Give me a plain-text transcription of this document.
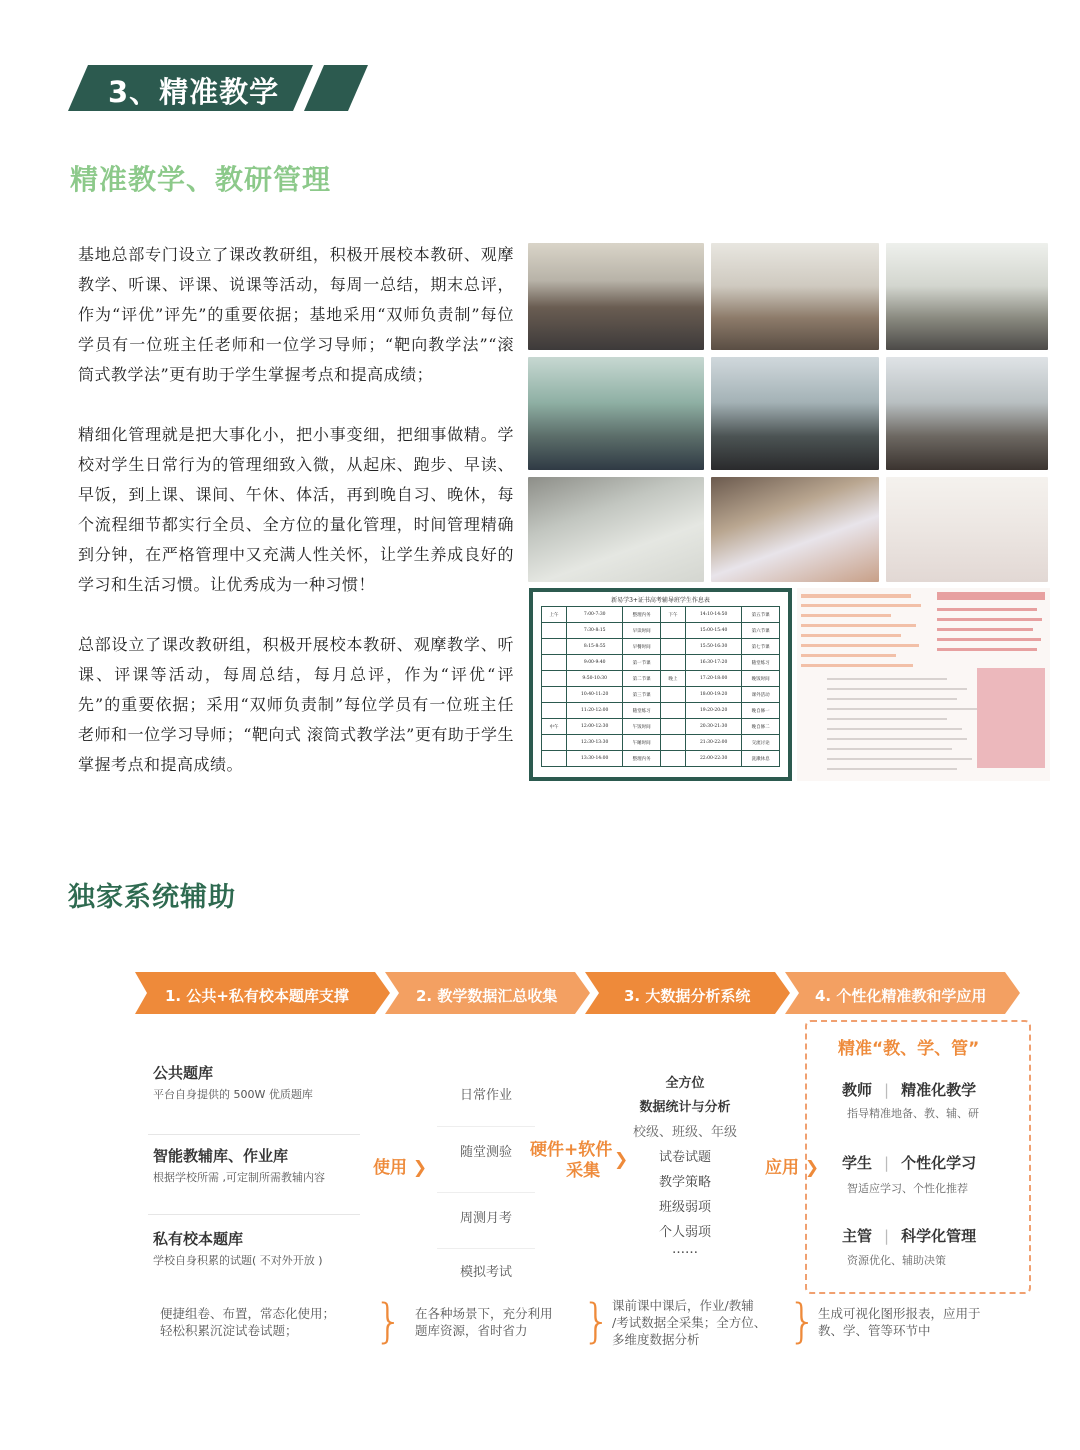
3、精准教学
精准教学、教研管理

基地总部专门设立了课改教研组，积极开展校本教研、观摩教学、听课、评课、说课等活动，每周一总结，期末总评，作为“评优”评先”的重要依据；基地采用“双师负责制”每位学员有一位班主任老师和一位学习导师；“靶向教学法”“滚筒式教学法”更有助于学生掌握考点和提高成绩；

精细化管理就是把大事化小，把小事变细，把细事做精。学校对学生日常行为的管理细致入微，从起床、跑步、早读、早饭，到上课、课间、午休、体活，再到晚自习、晚休，每个流程细节都实行全员、全方位的量化管理，时间管理精确到分钟，在严格管理中又充满人性关怀，让学生养成良好的学习和生活习惯。让优秀成为一种习惯！

总部设立了课改教研组，积极开展校本教研、观摩教学、听课、评课等活动，每周总结，每月总评，作为“评优“评先”的重要依据；采用“双师负责制”每位学员有一位班主任老师和一位学习导师；“靶向式 滚筒式教学法”更有助于学生掌握考点和提高成绩。

新易学3+证书高考辅导班学生作息表
上午	7:00-7:30	整理内务	下午	14:10-14:50	第五节课
	7:30-8:15	早读时间		15:00-15:40	第六节课
	8:15-8:55	早餐时间		15:50-16:30	第七节课
	9:00-9:40	第一节课		16:30-17:20	随堂练习
	9:50-10:30	第二节课	晚上	17:20-18:00	晚饭时间
	10:40-11:20	第三节课		18:00-19:20	课外活动
	11:20-12:00	随堂练习		19:20-20:20	晚自修一
中午	12:00-12:30	午饭时间		20:30-21:30	晚自修二
	12:30-13:30	午睡时间		21:30-22:00	交流讨论
	13:30-14:00	整理内务		22:00-22:30	洗漱休息
独家系统辅助
1. 公共+私有校本题库支撑	2. 教学数据汇总收集	3. 大数据分析系统	4. 个性化精准教和学应用
公共题库
平台自身提供的 500W 优质题库
智能教辅库、作业库
根据学校所需 ,可定制所需教辅内容
私有校本题库
学校自身积累的试题( 不对外开放 )
使用 ❯
日常作业
随堂测验
周测月考
模拟考试
硬件+软件
采集
❯
全方位
数据统计与分析
校级、班级、年级
试卷试题
教学策略
班级弱项
个人弱项
……
应用 ❯
精准“教、学、管”
教师 | 精准化教学
指导精准地备、教、辅、研
学生 | 个性化学习
智适应学习、个性化推荐
主管 | 科学化管理
资源优化、辅助决策
便捷组卷、布置，常态化使用；
轻松积累沉淀试卷试题；	} 在各种场景下，充分利用
题库资源，省时省力	} 课前课中课后，作业/教辅
/考试数据全采集；全方位、
多维度数据分析	} 生成可视化图形报表，应用于
教、学、管等环节中
